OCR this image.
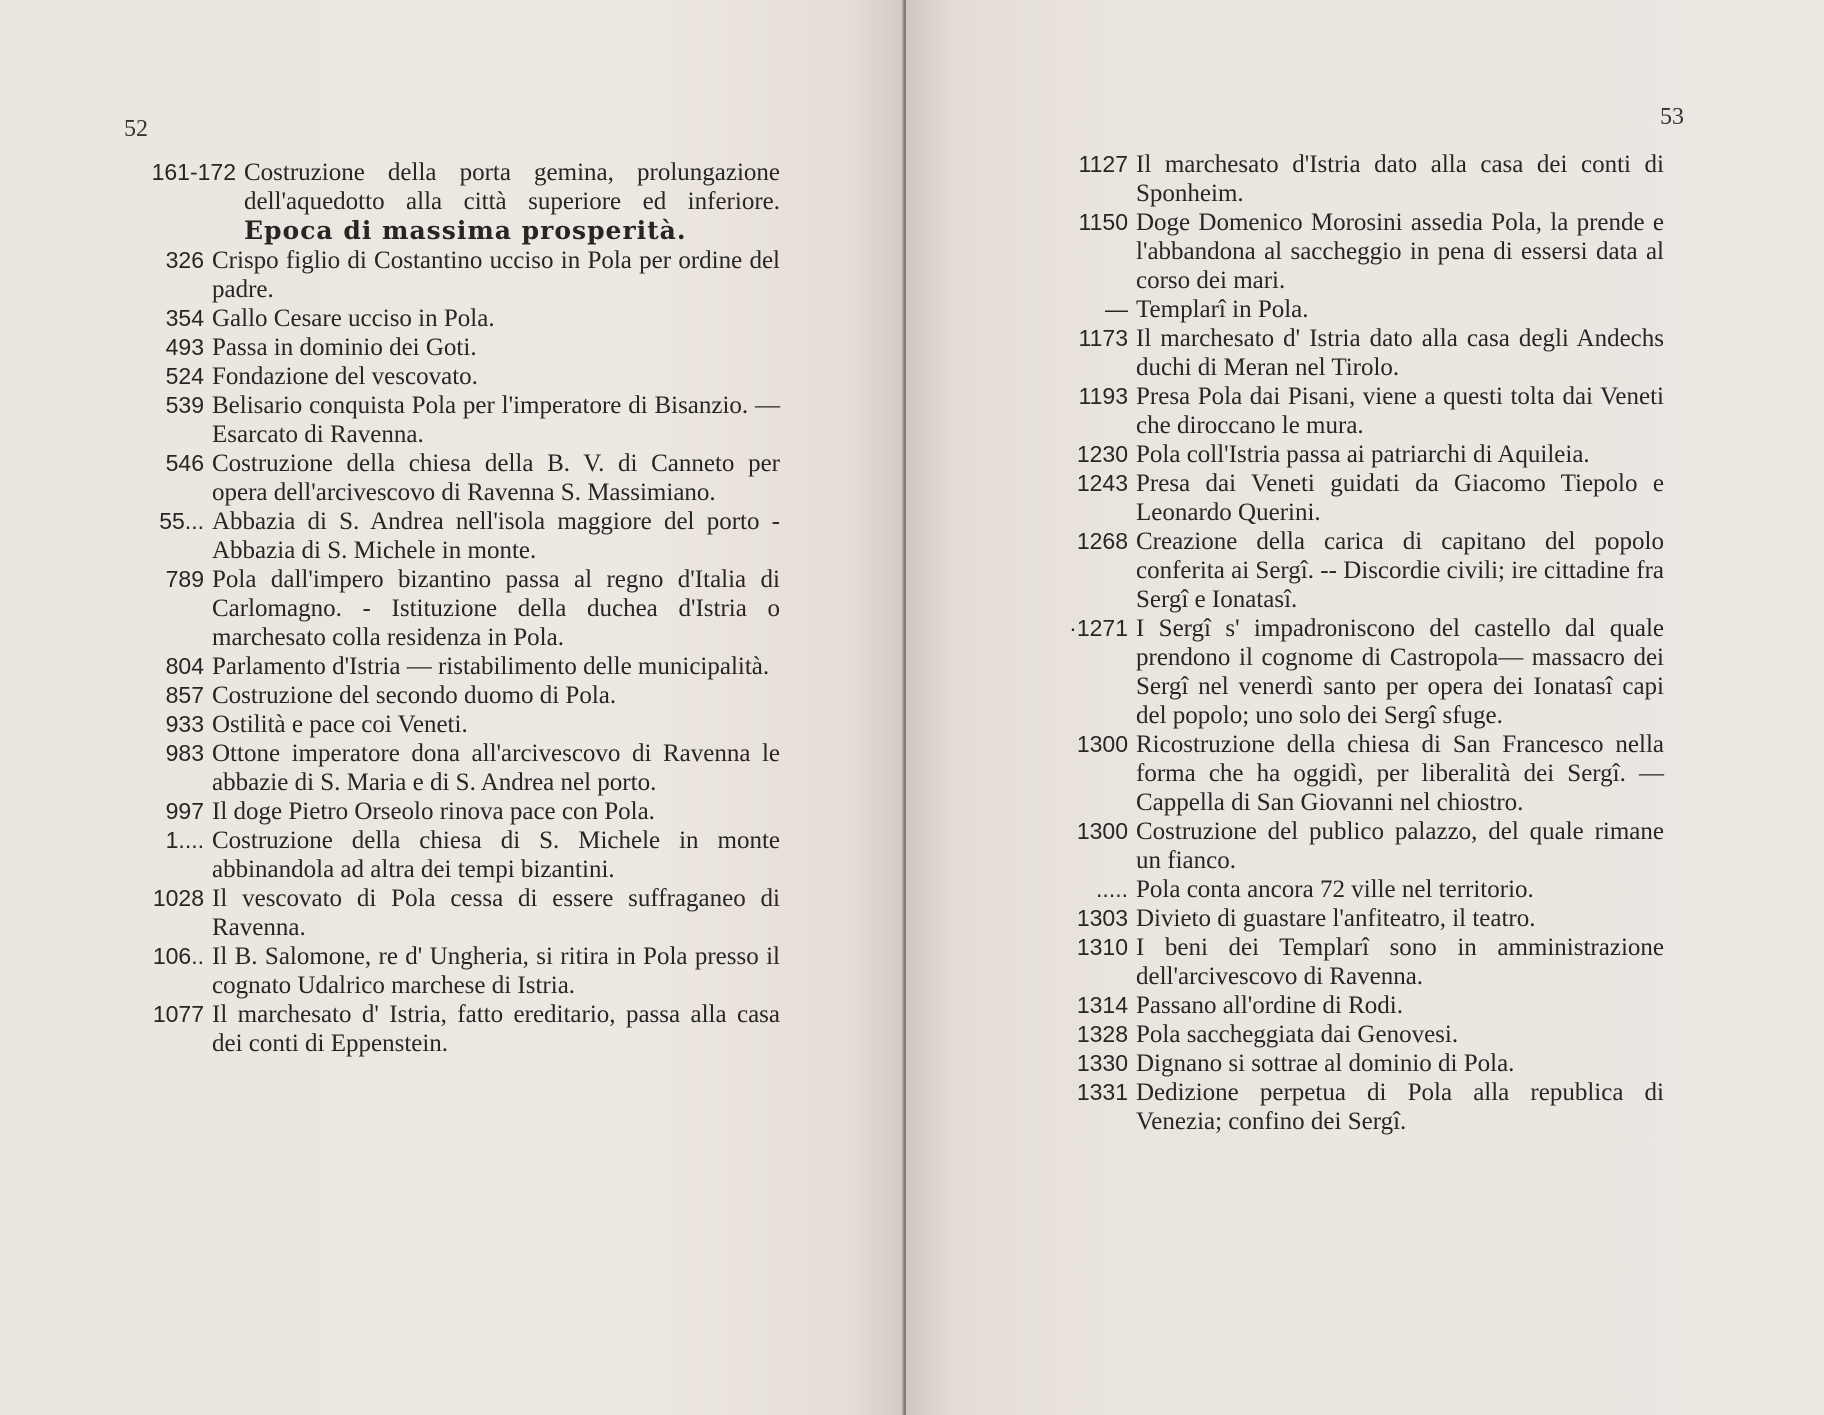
52
161-172 Costruzione della porta gemina, prolungazione dell'aquedotto alla città superiore ed inferiore. Epoca di massima prosperità.
326 Crispo figlio di Costantino ucciso in Pola per ordine del padre.
354 Gallo Cesare ucciso in Pola.
493 Passa in dominio dei Goti.
524 Fondazione del vescovato.
539 Belisario conquista Pola per l'imperatore di Bisanzio. — Esarcato di Ravenna.
546 Costruzione della chiesa della B. V. di Canneto per opera dell'arcivescovo di Ravenna S. Massimiano.
55... Abbazia di S. Andrea nell'isola maggiore del porto - Abbazia di S. Michele in monte.
789 Pola dall'impero bizantino passa al regno d'Italia di Carlomagno. - Istituzione della duchea d'Istria o marchesato colla residenza in Pola.
804 Parlamento d'Istria — ristabilimento delle municipalità.
857 Costruzione del secondo duomo di Pola.
933 Ostilità e pace coi Veneti.
983 Ottone imperatore dona all'arcivescovo di Ravenna le abbazie di S. Maria e di S. Andrea nel porto.
997 Il doge Pietro Orseolo rinova pace con Pola.
1.... Costruzione della chiesa di S. Michele in monte abbinandola ad altra dei tempi bizantini.
1028 Il vescovato di Pola cessa di essere suffraganeo di Ravenna.
106.. Il B. Salomone, re d' Ungheria, si ritira in Pola presso il cognato Udalrico marchese di Istria.
1077 Il marchesato d' Istria, fatto ereditario, passa alla casa dei conti di Eppenstein.
53
1127 Il marchesato d'Istria dato alla casa dei conti di Sponheim.
1150 Doge Domenico Morosini assedia Pola, la prende e l'abbandona al saccheggio in pena di essersi data al corso dei mari.
— Templarî in Pola.
1173 Il marchesato d' Istria dato alla casa degli Andechs duchi di Meran nel Tirolo.
1193 Presa Pola dai Pisani, viene a questi tolta dai Veneti che diroccano le mura.
1230 Pola coll'Istria passa ai patriarchi di Aquileia.
1243 Presa dai Veneti guidati da Giacomo Tiepolo e Leonardo Querini.
1268 Creazione della carica di capitano del popolo conferita ai Sergî. -- Discordie civili; ire cittadine fra Sergî e Ionatasî.
·1271 I Sergî s' impadroniscono del castello dal quale prendono il cognome di Castropola— massacro dei Sergî nel venerdì santo per opera dei Ionatasî capi del popolo; uno solo dei Sergî sfuge.
1300 Ricostruzione della chiesa di San Francesco nella forma che ha oggidì, per liberalità dei Sergî. — Cappella di San Giovanni nel chiostro.
1300 Costruzione del publico palazzo, del quale rimane un fianco.
..... Pola conta ancora 72 ville nel territorio.
1303 Divieto di guastare l'anfiteatro, il teatro.
1310 I beni dei Templarî sono in amministrazione dell'arcivescovo di Ravenna.
1314 Passano all'ordine di Rodi.
1328 Pola saccheggiata dai Genovesi.
1330 Dignano si sottrae al dominio di Pola.
1331 Dedizione perpetua di Pola alla republica di Venezia; confino dei Sergî.
